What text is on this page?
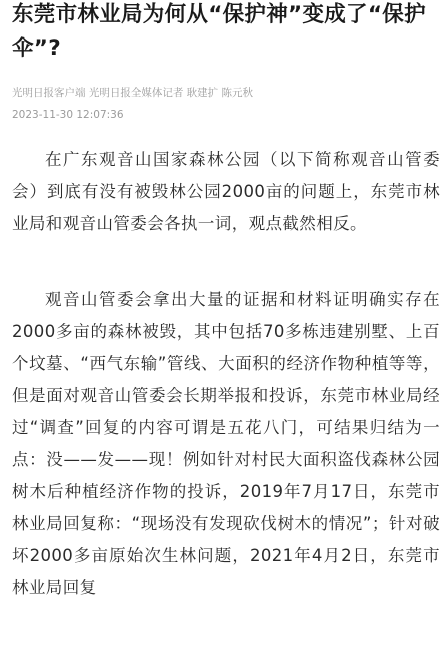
东莞市林业局为何从“保护神”变成了“保护伞”?
光明日报客户端 光明日报全媒体记者 耿建扩 陈元秋
2023-11-30 12:07:36

在广东观音山国家森林公园（以下简称观音山管委会）到底有没有被毁林公园2000亩的问题上，东莞市林业局和观音山管委会各执一词，观点截然相反。

观音山管委会拿出大量的证据和材料证明确实存在2000多亩的森林被毁，其中包括70多栋违建别墅、上百个坟墓、“西气东输”管线、大面积的经济作物种植等等，但是面对观音山管委会长期举报和投诉，东莞市林业局经过“调查”回复的内容可谓是五花八门，可结果归结为一点：没——发——现！例如针对村民大面积盗伐森林公园树木后种植经济作物的投诉，2019年7月17日，东莞市林业局回复称：“现场没有发现砍伐树木的情况”；针对破坏2000多亩原始次生林问题，2021年4月2日，东莞市林业局回复
